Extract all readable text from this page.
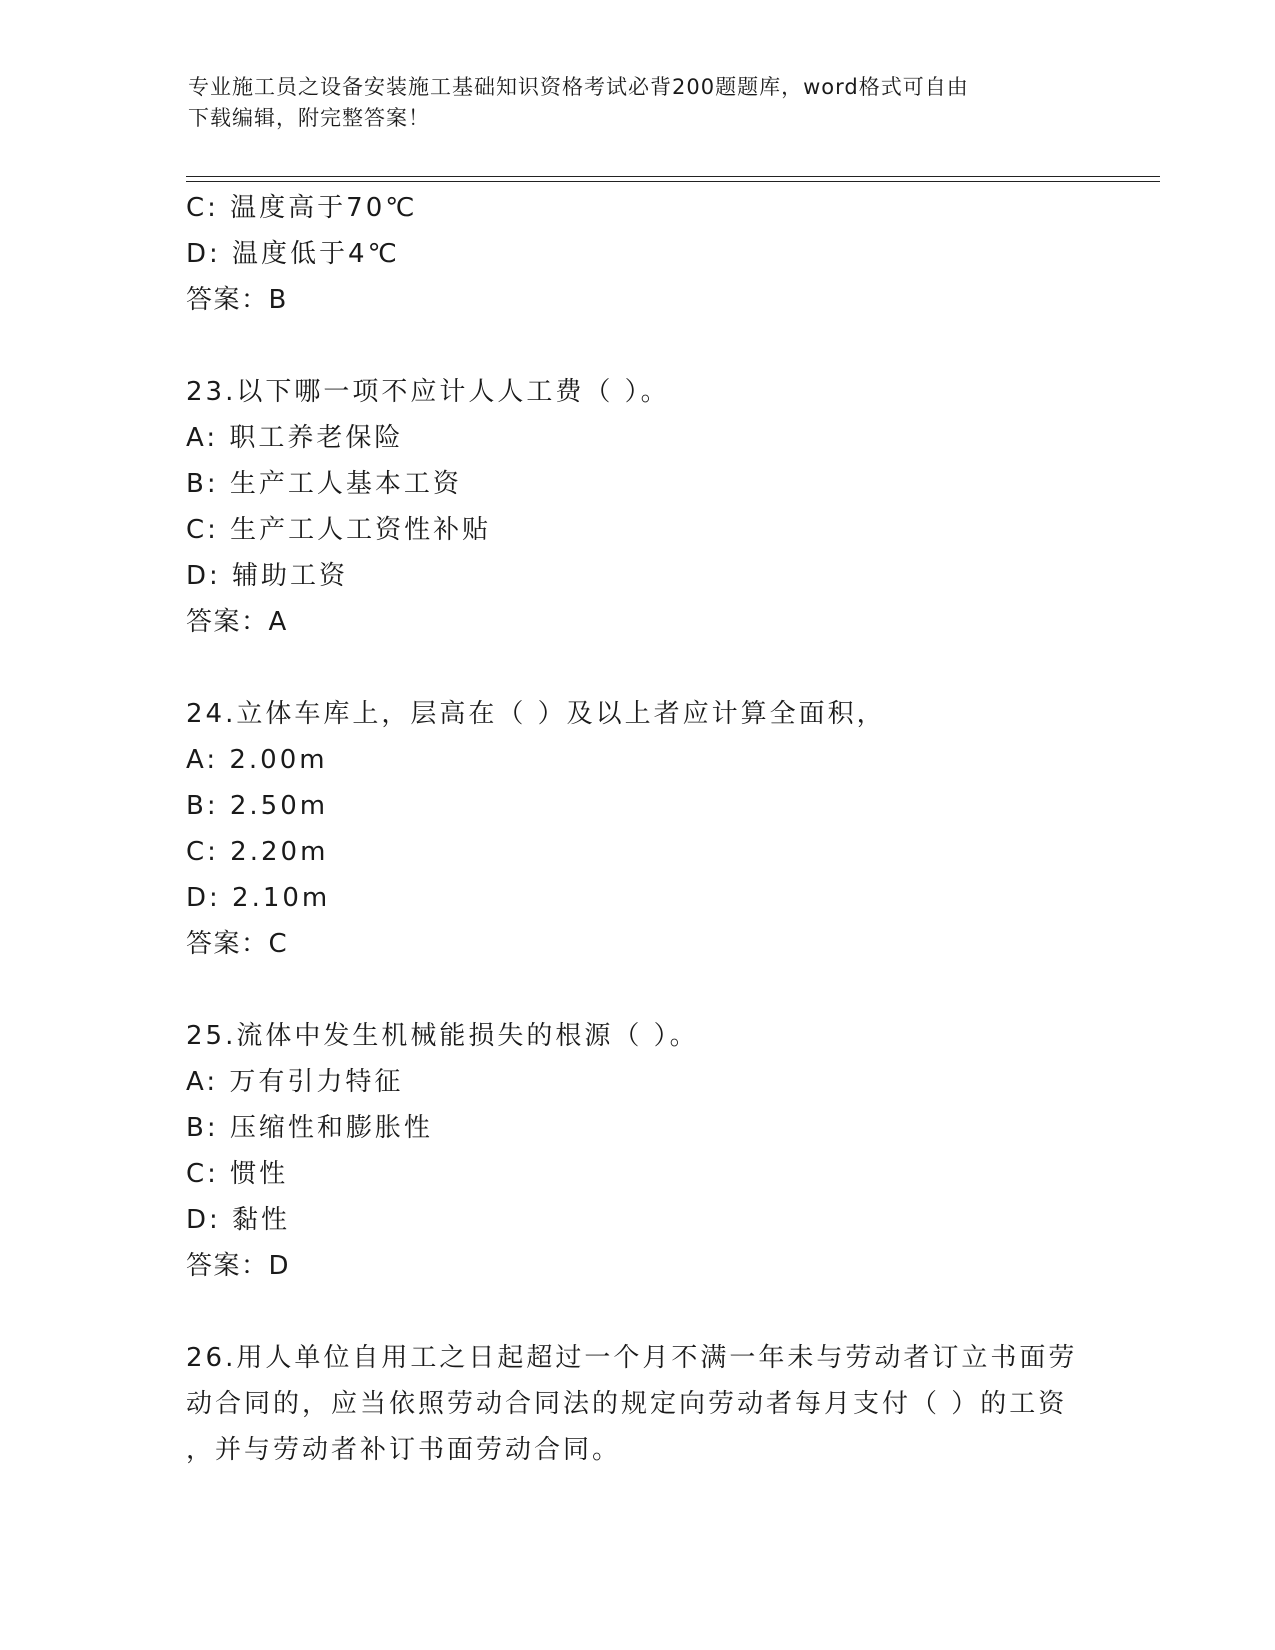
专业施工员之设备安装施工基础知识资格考试必背200题题库，word格式可自由
下载编辑，附完整答案！
C: 温度高于70℃
D: 温度低于4℃
答案：B
23.以下哪一项不应计人人工费（ ）。
A: 职工养老保险
B: 生产工人基本工资
C: 生产工人工资性补贴
D: 辅助工资
答案：A
24.立体车库上，层高在（ ）及以上者应计算全面积，
A: 2.00m
B: 2.50m
C: 2.20m
D: 2.10m
答案：C
25.流体中发生机械能损失的根源（ ）。
A: 万有引力特征
B: 压缩性和膨胀性
C: 惯性
D: 黏性
答案：D
26.用人单位自用工之日起超过一个月不满一年未与劳动者订立书面劳
动合同的，应当依照劳动合同法的规定向劳动者每月支付（ ）的工资
，并与劳动者补订书面劳动合同。
